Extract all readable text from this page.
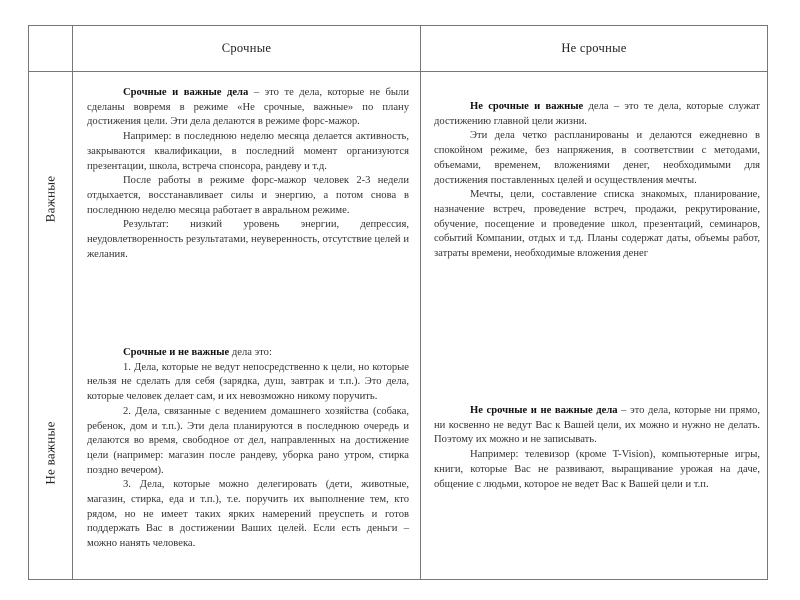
Срочные	Не срочные
Важные
Не важные

Срочные и важные дела – это те дела, которые не были сделаны вовремя в режиме «Не срочные, важные» по плану достижения цели. Эти дела делаются в режиме форс-мажор.

Например: в последнюю неделю месяца делается активность, закрываются квалификации, в последний момент организуются презентации, школа, встреча спонсора, рандеву и т.д.

После работы в режиме форс-мажор человек 2-3 недели отдыхается, восстанавливает силы и энергию, а потом снова в последнюю неделю месяца работает в авральном режиме.

Результат: низкий уровень энергии, депрессия, неудовлетворенность результатами, неуверенность, отсутствие целей и желания.

Не срочные и важные дела – это те дела, которые служат достижению главной цели жизни.

Эти дела четко распланированы и делаются ежедневно в спокойном режиме, без напряжения, в соответствии с методами, объемами, временем, вложениями денег, необходимыми для достижения поставленных целей и осуществления мечты.

Мечты, цели, составление списка знакомых, планирование, назначение встреч, проведение встреч, продажи, рекрутирование, обучение, посещение и проведение школ, презентаций, семинаров, событий Компании, отдых и т.д. Планы содержат даты, объемы работ, затраты времени, необходимые вложения денег

Срочные и не важные дела это:

1. Дела, которые не ведут непосредственно к цели, но которые нельзя не сделать для себя (зарядка, душ, завтрак и т.п.). Это дела, которые человек делает сам, и их невозможно никому поручить.

2. Дела, связанные с ведением домашнего хозяйства (собака, ребенок, дом и т.п.). Эти дела планируются в последнюю очередь и делаются во время, свободное от дел, направленных на достижение цели (например: магазин после рандеву, уборка рано утром, стирка поздно вечером).

3. Дела, которые можно делегировать (дети, животные, магазин, стирка, еда и т.п.), т.е. поручить их выполнение тем, кто рядом, но не имеет таких ярких намерений преуспеть и готов поддержать Вас в достижении Ваших целей. Если есть деньги – можно нанять человека.

Не срочные и не важные дела – это дела, которые ни прямо, ни косвенно не ведут Вас к Вашей цели, их можно и нужно не делать. Поэтому их можно и не записывать.

Например: телевизор (кроме T-Vision), компьютерные игры, книги, которые Вас не развивают, выращивание урожая на даче, общение с людьми, которое не ведет Вас к Вашей цели и т.п.
